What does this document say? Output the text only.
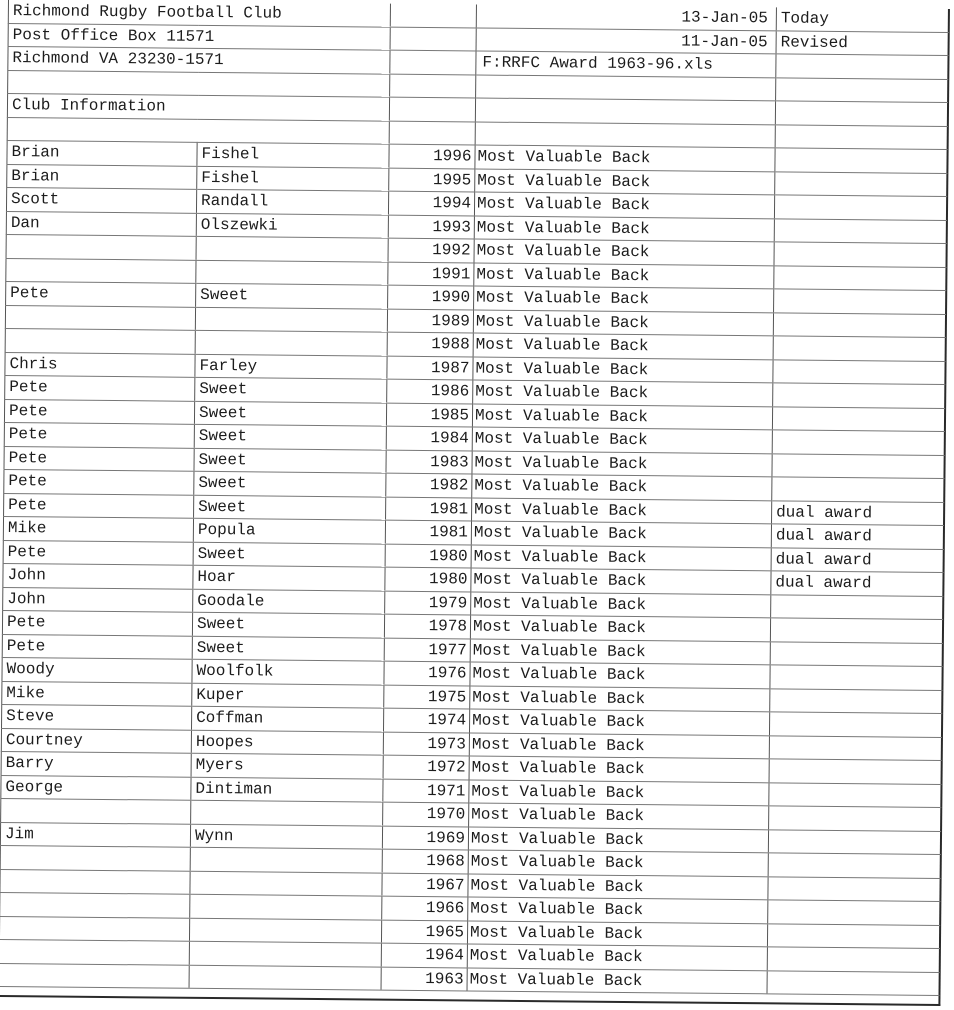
Richmond Rugby Football Club			13-Jan-05	Today
Post Office Box 11571			11-Jan-05	Revised
Richmond VA 23230-1571			F:RRFC Award 1963-96.xls	

Club Information				

Brian	Fishel	1996	Most Valuable Back	
Brian	Fishel	1995	Most Valuable Back	
Scott	Randall	1994	Most Valuable Back	
Dan	Olszewki	1993	Most Valuable Back	
		1992	Most Valuable Back	
		1991	Most Valuable Back	
Pete	Sweet	1990	Most Valuable Back	
		1989	Most Valuable Back	
		1988	Most Valuable Back	
Chris	Farley	1987	Most Valuable Back	
Pete	Sweet	1986	Most Valuable Back	
Pete	Sweet	1985	Most Valuable Back	
Pete	Sweet	1984	Most Valuable Back	
Pete	Sweet	1983	Most Valuable Back	
Pete	Sweet	1982	Most Valuable Back	
Pete	Sweet	1981	Most Valuable Back	dual award
Mike	Popula	1981	Most Valuable Back	dual award
Pete	Sweet	1980	Most Valuable Back	dual award
John	Hoar	1980	Most Valuable Back	dual award
John	Goodale	1979	Most Valuable Back	
Pete	Sweet	1978	Most Valuable Back	
Pete	Sweet	1977	Most Valuable Back	
Woody	Woolfolk	1976	Most Valuable Back	
Mike	Kuper	1975	Most Valuable Back	
Steve	Coffman	1974	Most Valuable Back	
Courtney	Hoopes	1973	Most Valuable Back	
Barry	Myers	1972	Most Valuable Back	
George	Dintiman	1971	Most Valuable Back	
		1970	Most Valuable Back	
Jim	Wynn	1969	Most Valuable Back	
		1968	Most Valuable Back	
		1967	Most Valuable Back	
		1966	Most Valuable Back	
		1965	Most Valuable Back	
		1964	Most Valuable Back	
		1963	Most Valuable Back	
